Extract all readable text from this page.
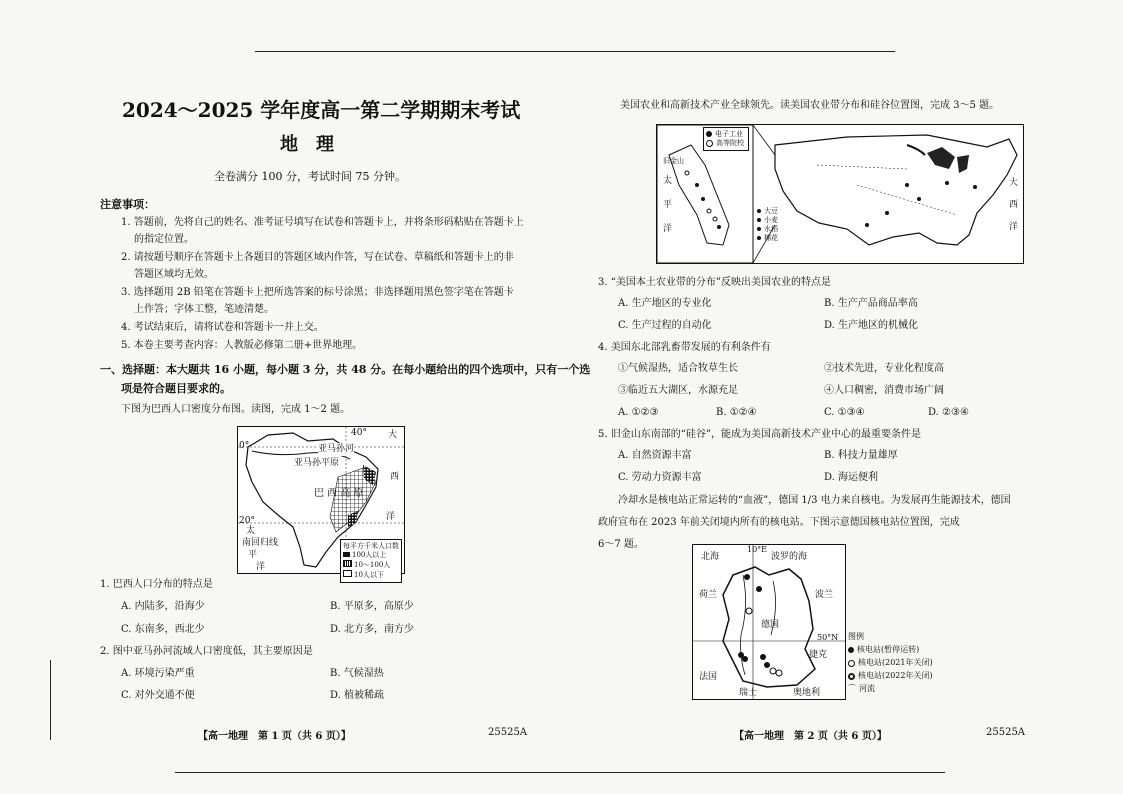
2024～2025 学年度高一第二学期期末考试
地　理
全卷满分 100 分，考试时间 75 分钟。
注意事项：
1. 答题前，先将自己的姓名、准考证号填写在试卷和答题卡上，并将条形码粘贴在答题卡上
的指定位置。
2. 请按题号顺序在答题卡上各题目的答题区域内作答，写在试卷、草稿纸和答题卡上的非
答题区域均无效。
3. 选择题用 2B 铅笔在答题卡上把所选答案的标号涂黑；非选择题用黑色签字笔在答题卡
上作答；字体工整，笔迹清楚。
4. 考试结束后，请将试卷和答题卡一并上交。
5. 本卷主要考查内容：人教版必修第二册+世界地理。
一、选择题：本大题共 16 小题，每小题 3 分，共 48 分。在每小题给出的四个选项中，只有一个选
项是符合题目要求的。
下图为巴西人口密度分布图。读图，完成 1～2 题。
40° 大
亚马孙河
0°
亚马孙平原
西
巴 西 高 原
洋
20°
太
南回归线
平
洋
每平方千米人口数
100人以上
10～100人
10人以下
1. 巴西人口分布的特点是
A. 内陆多，沿海少	B. 平原多，高原少
C. 东南多，西北少	D. 北方多，南方少
2. 图中亚马孙河流域人口密度低，其主要原因是
A. 环境污染严重	B. 气候湿热
C. 对外交通不便	D. 植被稀疏
【高一地理　第 1 页（共 6 页）】	25525A
美国农业和高新技术产业全球领先。读美国农业带分布和硅谷位置图，完成 3～5 题。
电子工业
高等院校
旧金山
太
平
洋
大
西
洋
大豆
小麦
水稻
棉花
3. “美国本土农业带的分布”反映出美国农业的特点是
A. 生产地区的专业化	B. 生产产品商品率高
C. 生产过程的自动化	D. 生产地区的机械化
4. 美国东北部乳畜带发展的有利条件有
①气候湿热，适合牧草生长	②技术先进，专业化程度高
③临近五大湖区，水源充足	④人口稠密，消费市场广阔
A. ①②③	B. ①②④	C. ①③④	D. ②③④
5. 旧金山东南部的“硅谷”，能成为美国高新技术产业中心的最重要条件是
A. 自然资源丰富	B. 科技力量雄厚
C. 劳动力资源丰富	D. 海运便利
冷却水是核电站正常运转的“血液”，德国 1/3 电力来自核电。为发展再生能源技术，德国
政府宣布在 2023 年前关闭境内所有的核电站。下图示意德国核电站位置图，完成
6～7 题。	10°E
北海	波罗的海
荷兰	波兰
德国
50°N
捷克
法国
瑞士	奥地利
图例
核电站(暂停运转)
核电站(2021年关闭)
核电站(2022年关闭)
⌒ 河流
【高一地理　第 2 页（共 6 页）】	25525A
